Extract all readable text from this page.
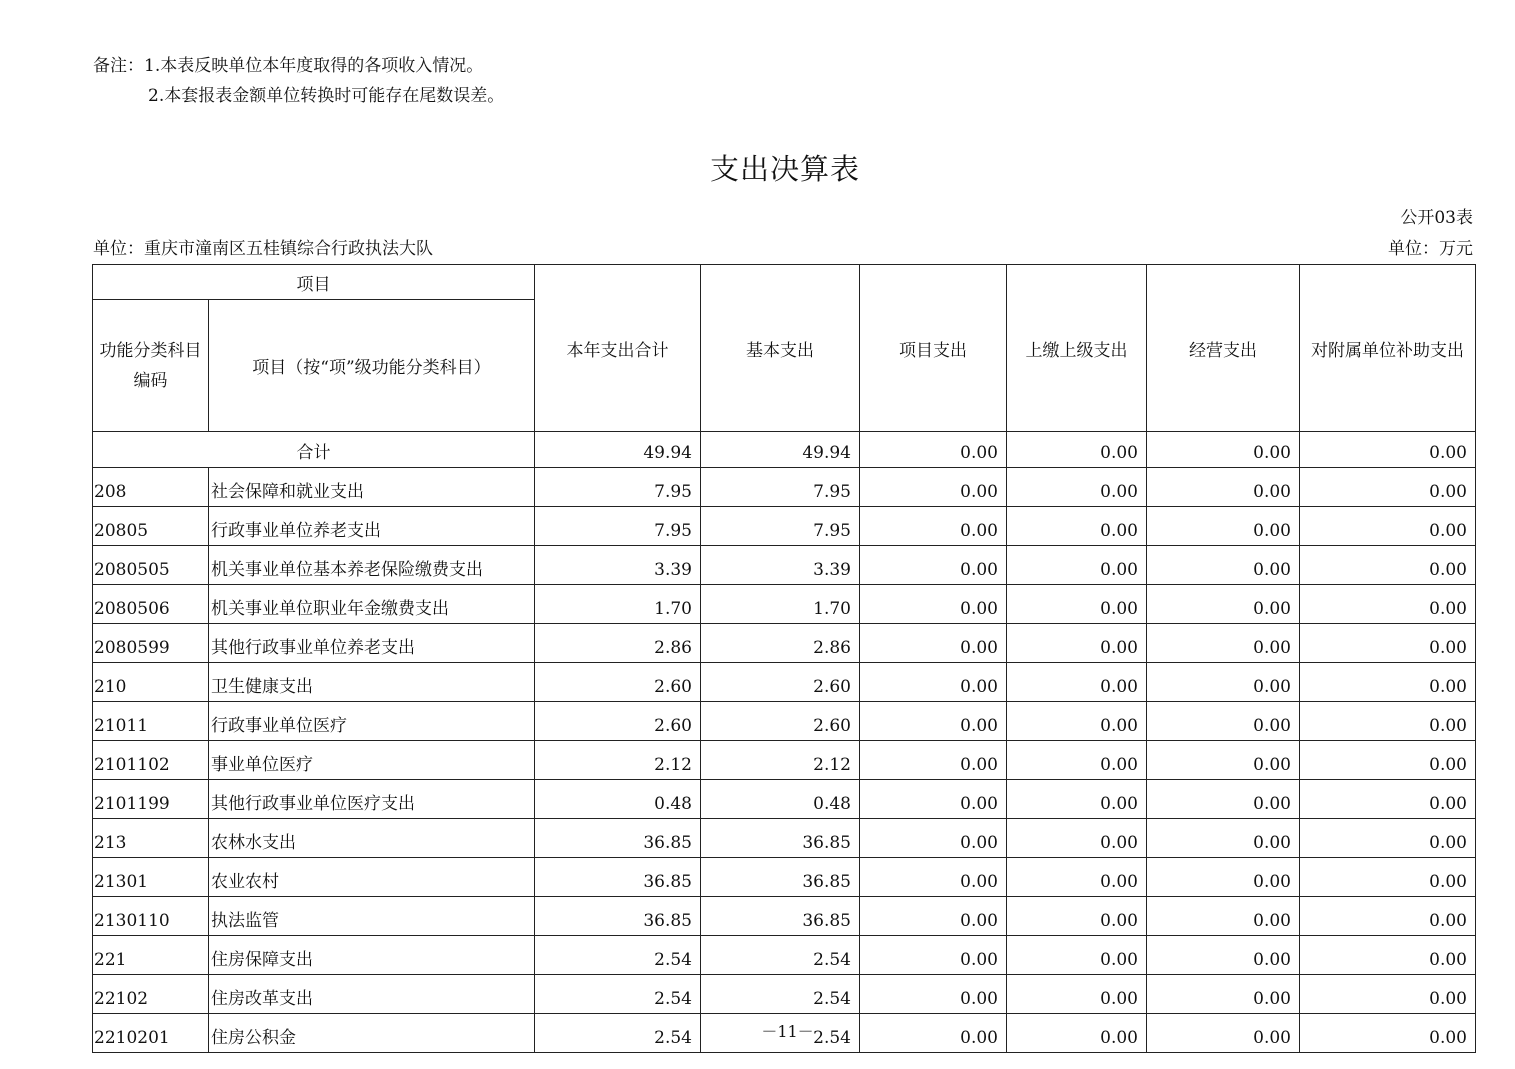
备注：1.本表反映单位本年度取得的各项收入情况。
2.本套报表金额单位转换时可能存在尾数误差。
支出决算表
公开03表
单位：重庆市潼南区五桂镇综合行政执法大队	单位：万元
项目		本年支出合计	基本支出	项目支出	上缴上级支出	经营支出	对附属单位补助支出
功能分类科目编码	项目（按“项”级功能分类科目）						
合计		49.94	49.94	0.00	0.00	0.00	0.00
208	社会保障和就业支出	7.95	7.95	0.00	0.00	0.00	0.00
20805	行政事业单位养老支出	7.95	7.95	0.00	0.00	0.00	0.00
2080505	机关事业单位基本养老保险缴费支出	3.39	3.39	0.00	0.00	0.00	0.00
2080506	机关事业单位职业年金缴费支出	1.70	1.70	0.00	0.00	0.00	0.00
2080599	其他行政事业单位养老支出	2.86	2.86	0.00	0.00	0.00	0.00
210	卫生健康支出	2.60	2.60	0.00	0.00	0.00	0.00
21011	行政事业单位医疗	2.60	2.60	0.00	0.00	0.00	0.00
2101102	事业单位医疗	2.12	2.12	0.00	0.00	0.00	0.00
2101199	其他行政事业单位医疗支出	0.48	0.48	0.00	0.00	0.00	0.00
213	农林水支出	36.85	36.85	0.00	0.00	0.00	0.00
21301	农业农村	36.85	36.85	0.00	0.00	0.00	0.00
2130110	执法监管	36.85	36.85	0.00	0.00	0.00	0.00
221	住房保障支出	2.54	2.54	0.00	0.00	0.00	0.00
22102	住房改革支出	2.54	2.54	0.00	0.00	0.00	0.00
2210201	住房公积金	2.54	2.54	0.00	0.00	0.00	0.00
－11－
